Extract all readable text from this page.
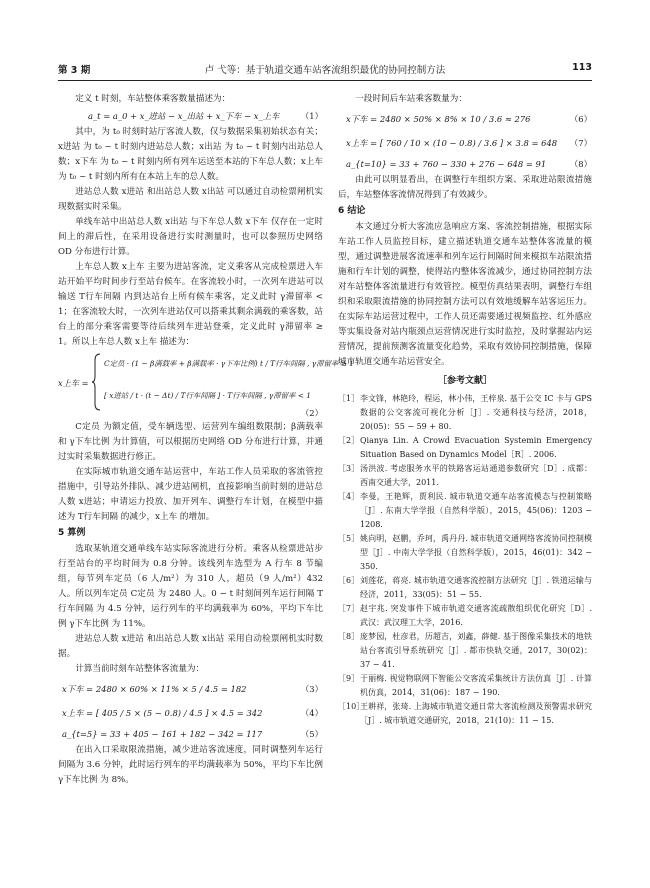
第 3 期	卢 弋等：基于轨道交通车站客流组织最优的协同控制方法	113

定义 t 时刻，车站整体乘客数量描述为：

a_t = a_0 + x_进站 − x_出站 + x_下车 − x_上车	（1）

其中，为 t₀ 时刻时站厅客流人数，仅与数据采集初始状态有关；x进站 为 t₀ ~ t 时刻内进站总人数；x出站 为 t₀ ~ t 时刻内出站总人数；x下车 为 t₀ ~ t 时刻内所有列车运送至本站的下车总人数；x上车 为 t₀ ~ t 时刻内所有在本站上车的总人数。

进站总人数 x进站 和出站总人数 x出站 可以通过自动检票闸机实现数据实时采集。

单线车站中出站总人数 x出站 与下车总人数 x下车 仅存在一定时间上的滞后性，在采用设备进行实时测量时，也可以参照历史网络 OD 分布进行计算。

上车总人数 x上车 主要为进站客流，定义乘客从完成检票进入车站开始平均时间步行至站台候车。在客流较小时，一次列车进站可以输送 T行车间隔 内到达站台上所有候车乘客，定义此时 γ滞留率 < 1；在客流较大时，一次列车进站仅可以搭乘其剩余满载的乘客数，站台上的部分乘客需要等待后续列车进站登乘，定义此时 γ滞留率 ≥ 1。所以上车总人数 x上车 描述为：

x上车 =
C定员 · (1 − β满载率 + β满载率 · γ下车比例) t / T行车间隔 , γ滞留率 ≥ 1
[ x进站 / t · (t − Δt) / T行车间隔 ] · T行车间隔 , γ滞留率 < 1
（2）

C定员 为额定值，受车辆选型、运营列车编组数限制；β满载率 和 γ下车比例 为计算值，可以根据历史网络 OD 分布进行计算，并通过实时采集数据进行修正。

在实际城市轨道交通车站运营中，车站工作人员采取的客流管控措施中，引导站外排队、减少进站闸机，直接影响当前时刻的进站总人数 x进站；申请运力投放、加开列车、调整行车计划，在模型中描述为 T行车间隔 的减少，x上车 的增加。

5 算例

选取某轨道交通单线车站实际客流进行分析。乘客从检票进站步行至站台的平均时间为 0.8 分钟。该线列车选型为 A 行车 8 节编组，每节列车定员（6 人/m²）为 310 人，超员（9 人/m²）432 人。所以列车定员 C定员 为 2480 人。0 − t 时刻间列车运行间隔 T行车间隔 为 4.5 分钟，运行列车的平均满载率为 60%，平均下车比例 γ下车比例 为 11%。

进站总人数 x进站 和出站总人数 x出站 采用自动检票闸机实时数据。

计算当前时刻车站整体客流量为：

x下车 = 2480 × 60% × 11% × 5 / 4.5 = 182	（3）
x上车 = [ 405 / 5 × (5 − 0.8) / 4.5 ] × 4.5 = 342	（4）
a_{t=5} = 33 + 405 − 161 + 182 − 342 = 117	（5）

在出入口采取限流措施，减少进站客流速度，同时调整列车运行间隔为 3.6 分钟，此时运行列车的平均满载率为 50%，平均下车比例 γ下车比例 为 8%。

一段时间后车站乘客数量为：

x下车 = 2480 × 50% × 8% × 10 / 3.6 ≈ 276	（6）
x上车 = [ 760 / 10 × (10 − 0.8) / 3.6 ] × 3.8 = 648 （7）
a_{t=10} = 33 + 760 − 330 + 276 − 648 = 91	（8）

由此可以明显看出，在调整行车组织方案、采取进站限流措施后，车站整体客流情况得到了有效减少。

6 结论

本文通过分析大客流应急响应方案、客流控制措施，根据实际车站工作人员监控目标，建立描述轨道交通车站整体客流量的模型，通过调整进展客流速率和列车运行间隔时间来模拟车站限流措施和行车计划的调整，使得站内整体客流减少，通过协同控制方法对车站整体客流量进行有效管控。模型仿真结果表明，调整行车组织和采取限流措施的协同控制方法可以有效地缓解车站客运压力。在实际车站运营过程中，工作人员还需要通过视频监控、红外感应等实集设备对站内瓶颈点运营情况进行实时监控，及时掌握站内运营情况，提前预测客流量变化趋势，采取有效协同控制措施，保障城市轨道交通车站运营安全。

［参考文献］
［1］ 李文锋，林艳玲，程运，林小伟，王梓泉. 基于公交 IC 卡与 GPS 数据的公交客流可视化分析［J］. 交通科技与经济，2018，20(05)：55 − 59 + 80.
［2］ Qianya Lin. A Crowd Evacuation Systemin Emergency Situation Based on Dynamics Model［R］. 2006.
［3］ 汤洪波. 考虑服务水平的铁路客运站通道参数研究［D］. 成都：西南交通大学，2011.
［4］ 李曼，王艳辉，贾利民. 城市轨道交通车站客流模态与控制策略［J］. 东南大学学报（自然科学版），2015，45(06)：1203 − 1208.
［5］ 姚向明，赵鹏，乔珂，禹丹丹. 城市轨道交通网络客流协同控制模型［J］. 中南大学学报（自然科学版），2015，46(01)：342 − 350.
［6］ 刘莲花，蒋亮. 城市轨道交通客流控制方法研究［J］. 铁道运输与经济，2011，33(05)：51 − 55.
［7］ 赵宇兆. 突发事件下城市轨道交通客流疏散组织优化研究［D］. 武汉：武汉理工大学，2016.
［8］ 庞梦园，杜彦君，历超吉，刘鑫，薛健. 基于图像采集技术的地铁站台客流引导系统研究［J］. 都市快轨交通，2017，30(02)：37 − 41.
［9］ 于丽梅. 视觉物联网下智能公交客流采集统计方法仿真［J］. 计算机仿真，2014，31(06)：187 − 190.
［10］
王耕祥，张琦. 上海城市轨道交通日常大客流检测及预警需求研究［J］. 城市轨道交通研究，2018，21(10)：11 − 15.
